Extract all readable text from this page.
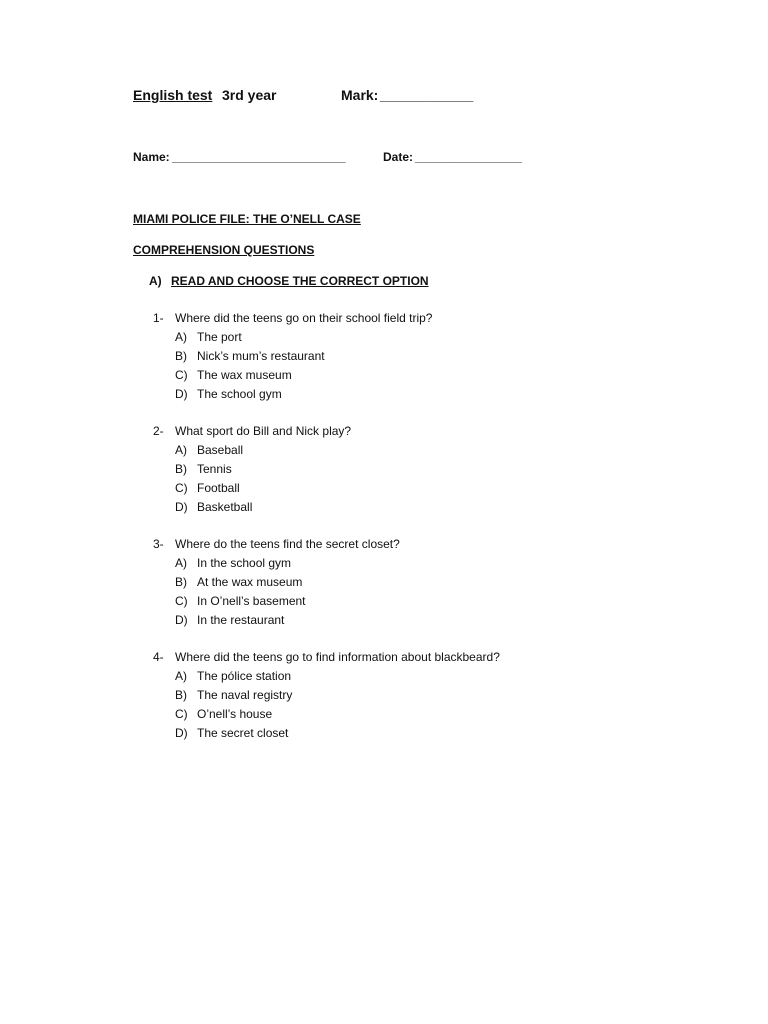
English test 3rd year	Mark: ____________
Name: __________________________	Date: ________________
MIAMI POLICE FILE: THE O’NELL CASE
COMPREHENSION QUESTIONS
A) READ AND CHOOSE THE CORRECT OPTION
1- Where did the teens go on their school field trip?
A) The port
B) Nick’s mum’s restaurant
C) The wax museum
D) The school gym
2- What sport do Bill and Nick play?
A) Baseball
B) Tennis
C) Football
D) Basketball
3- Where do the teens find the secret closet?
A) In the school gym
B) At the wax museum
C) In O’nell’s basement
D) In the restaurant
4- Where did the teens go to find information about blackbeard?
A) The pólice station
B) The naval registry
C) O’nell’s house
D) The secret closet
